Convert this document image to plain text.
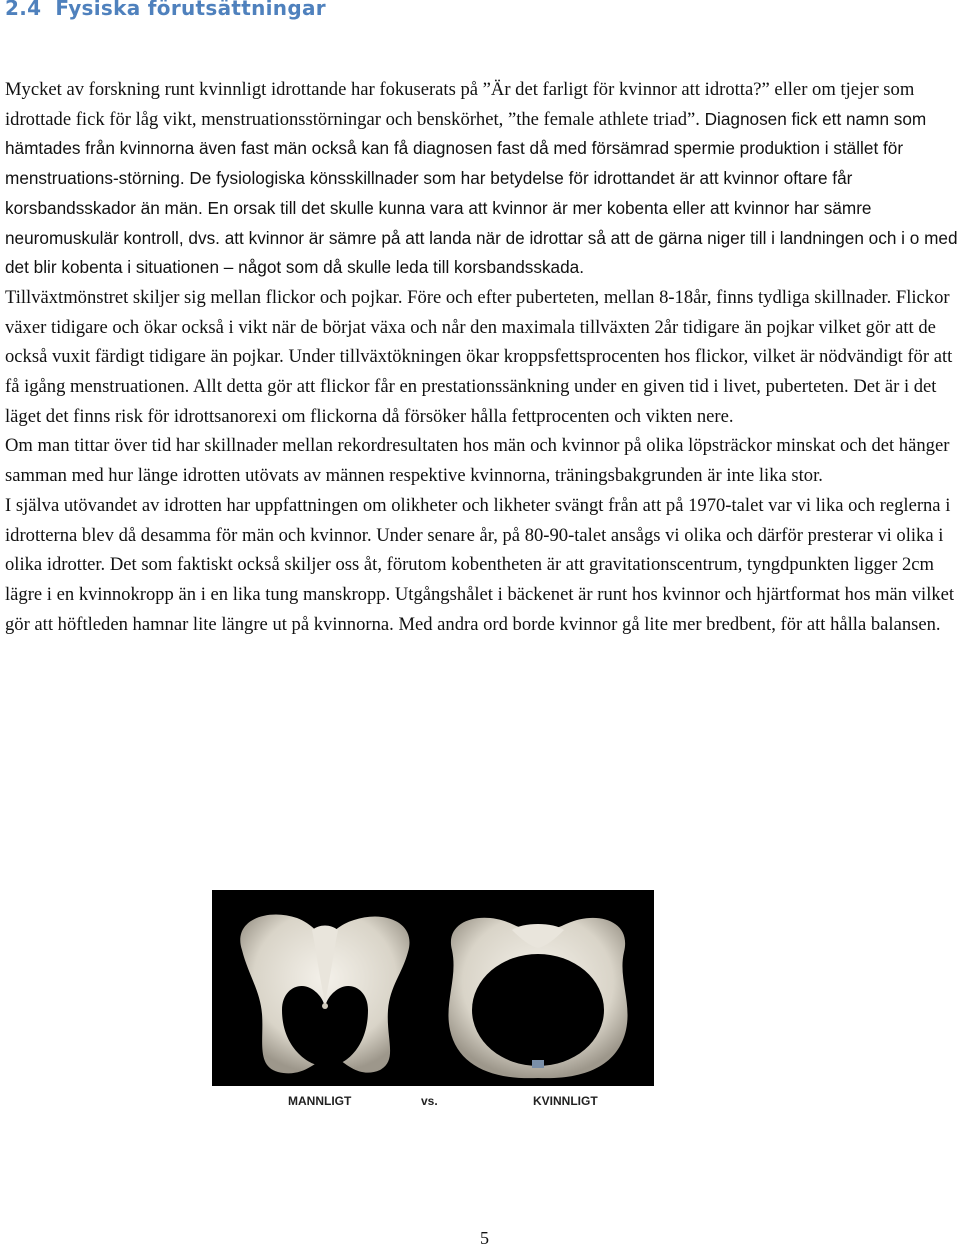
2.4 Fysiska förutsättningar

Mycket av forskning runt kvinnligt idrottande har fokuserats på ”Är det farligt för kvinnor att idrotta?” eller om tjejer som idrottade fick för låg vikt, menstruationsstörningar och benskörhet, ”the female athlete triad”. Diagnosen fick ett namn som hämtades från kvinnorna även fast män också kan få diagnosen fast då med försämrad spermie produktion i stället för menstruations-störning. De fysiologiska könsskillnader som har betydelse för idrottandet är att kvinnor oftare får korsbandsskador än män. En orsak till det skulle kunna vara att kvinnor är mer kobenta eller att kvinnor har sämre neuromuskulär kontroll, dvs. att kvinnor är sämre på att landa när de idrottar så att de gärna niger till i landningen och i o med det blir kobenta i situationen – något som då skulle leda till korsbandsskada.

Tillväxtmönstret skiljer sig mellan flickor och pojkar. Före och efter puberteten, mellan 8-18år, finns tydliga skillnader. Flickor växer tidigare och ökar också i vikt när de börjat växa och når den maximala tillväxten 2år tidigare än pojkar vilket gör att de också vuxit färdigt tidigare än pojkar. Under tillväxtökningen ökar kroppsfettsprocenten hos flickor, vilket är nödvändigt för att få igång menstruationen. Allt detta gör att flickor får en prestationssänkning under en given tid i livet, puberteten. Det är i det läget det finns risk för idrottsanorexi om flickorna då försöker hålla fettprocenten och vikten nere.

Om man tittar över tid har skillnader mellan rekordresultaten hos män och kvinnor på olika löpsträckor minskat och det hänger samman med hur länge idrotten utövats av männen respektive kvinnorna, träningsbakgrunden är inte lika stor.

I själva utövandet av idrotten har uppfattningen om olikheter och likheter svängt från att på 1970-talet var vi lika och reglerna i idrotterna blev då desamma för män och kvinnor. Under senare år, på 80-90-talet ansågs vi olika och därför presterar vi olika i olika idrotter. Det som faktiskt också skiljer oss åt, förutom kobentheten är att gravitationscentrum, tyngdpunkten ligger 2cm lägre i en kvinnokropp än i en lika tung manskropp. Utgångshålet i bäckenet är runt hos kvinnor och hjärtformat hos män vilket gör att höftleden hamnar lite längre ut på kvinnorna. Med andra ord borde kvinnor gå lite mer bredbent, för att hålla balansen.

MANNLIGT	vs.	KVINNLIGT
5
